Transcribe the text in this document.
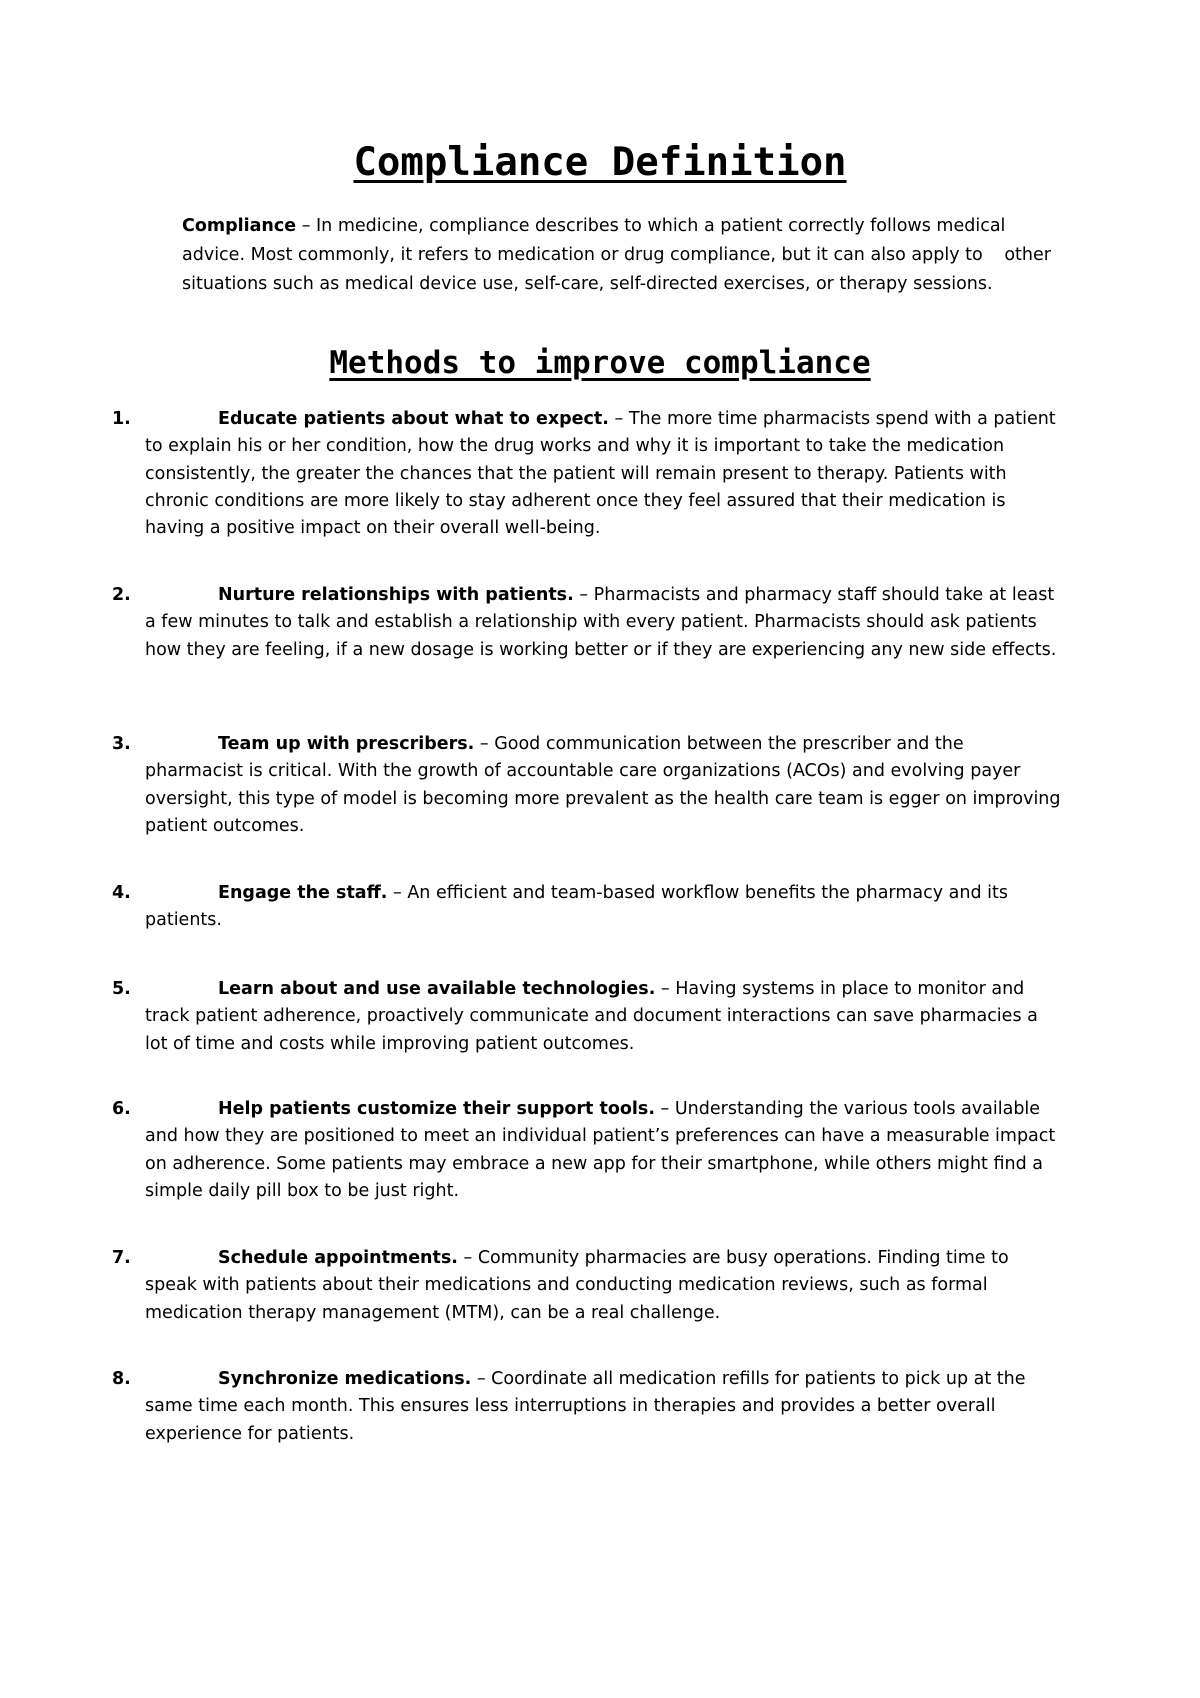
Compliance Definition

Compliance – In medicine, compliance describes to which a patient correctly follows medical advice. Most commonly, it refers to medication or drug compliance, but it can also apply to other situations such as medical device use, self-care, self-directed exercises, or therapy sessions.

Methods to improve compliance
1.	Educate patients about what to expect. – The more time pharmacists spend with a patient to explain his or her condition, how the drug works and why it is important to take the medication consistently, the greater the chances that the patient will remain present to therapy. Patients with chronic conditions are more likely to stay adherent once they feel assured that their medication is having a positive impact on their overall well-being.

2.	Nurture relationships with patients. – Pharmacists and pharmacy staff should take at least a few minutes to talk and establish a relationship with every patient. Pharmacists should ask patients how they are feeling, if a new dosage is working better or if they are experiencing any new side effects.

3.	Team up with prescribers. – Good communication between the prescriber and the pharmacist is critical. With the growth of accountable care organizations (ACOs) and evolving payer oversight, this type of model is becoming more prevalent as the health care team is egger on improving patient outcomes.

4.	Engage the staff. – An efficient and team-based workflow benefits the pharmacy and its patients.

5.	Learn about and use available technologies. – Having systems in place to monitor and track patient adherence, proactively communicate and document interactions can save pharmacies a lot of time and costs while improving patient outcomes.

6.	Help patients customize their support tools. – Understanding the various tools available and how they are positioned to meet an individual patient’s preferences can have a measurable impact on adherence. Some patients may embrace a new app for their smartphone, while others might find a simple daily pill box to be just right.

7.	Schedule appointments. – Community pharmacies are busy operations. Finding time to speak with patients about their medications and conducting medication reviews, such as formal medication therapy management (MTM), can be a real challenge.

8.	Synchronize medications. – Coordinate all medication refills for patients to pick up at the same time each month. This ensures less interruptions in therapies and provides a better overall experience for patients.
